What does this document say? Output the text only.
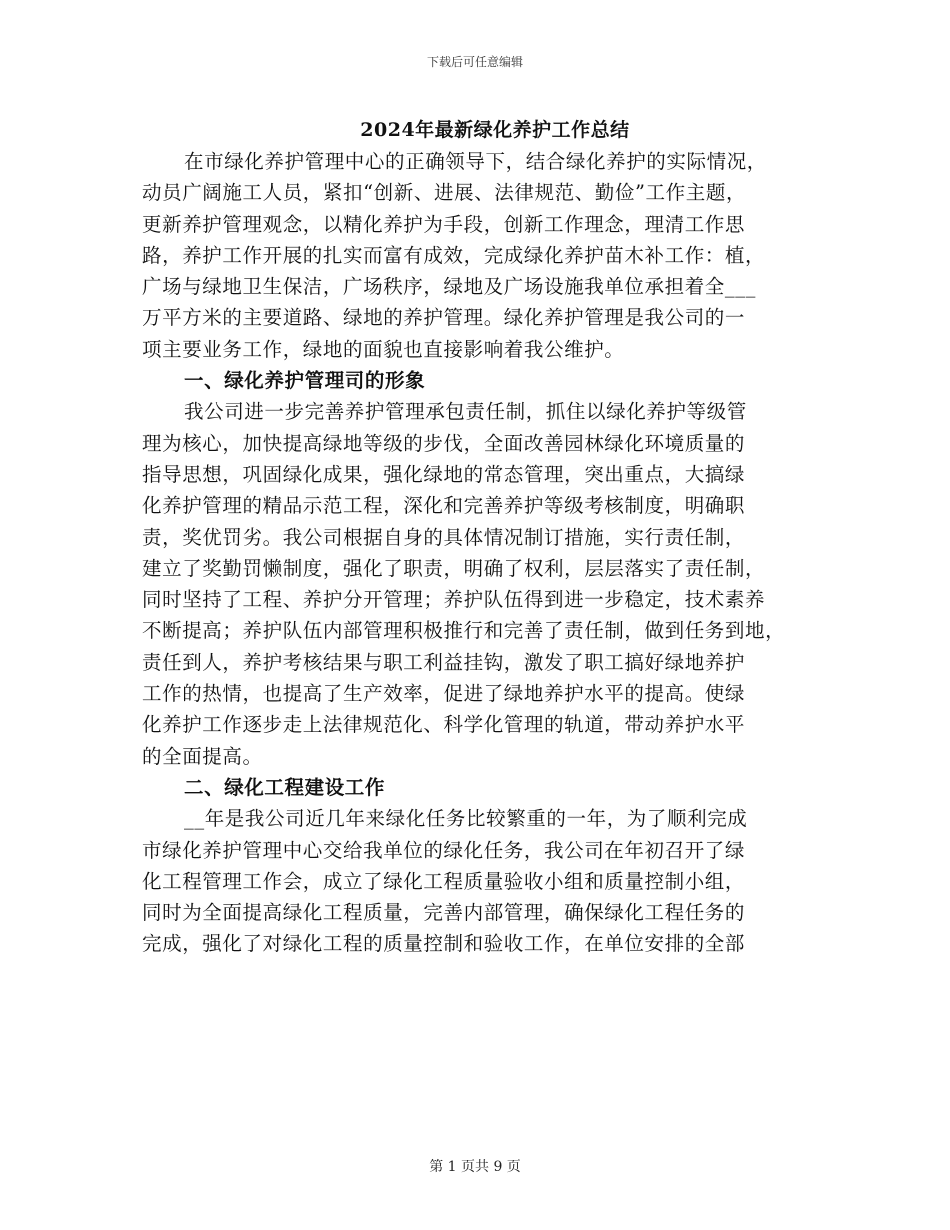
下载后可任意编辑
2024年最新绿化养护工作总结
在市绿化养护管理中心的正确领导下，结合绿化养护的实际情况，
动员广阔施工人员，紧扣“创新、进展、法律规范、勤俭”工作主题，
更新养护管理观念，以精化养护为手段，创新工作理念，理清工作思
路，养护工作开展的扎实而富有成效，完成绿化养护苗木补工作：植，
广场与绿地卫生保洁，广场秩序，绿地及广场设施我单位承担着全___
万平方米的主要道路、绿地的养护管理。绿化养护管理是我公司的一
项主要业务工作，绿地的面貌也直接影响着我公维护。
一、绿化养护管理司的形象
我公司进一步完善养护管理承包责任制，抓住以绿化养护等级管
理为核心，加快提高绿地等级的步伐，全面改善园林绿化环境质量的
指导思想，巩固绿化成果，强化绿地的常态管理，突出重点，大搞绿
化养护管理的精品示范工程，深化和完善养护等级考核制度，明确职
责，奖优罚劣。我公司根据自身的具体情况制订措施，实行责任制，
建立了奖勤罚懒制度，强化了职责，明确了权利，层层落实了责任制，
同时坚持了工程、养护分开管理；养护队伍得到进一步稳定，技术素养
不断提高；养护队伍内部管理积极推行和完善了责任制，做到任务到地，
责任到人，养护考核结果与职工利益挂钩，激发了职工搞好绿地养护
工作的热情，也提高了生产效率，促进了绿地养护水平的提高。使绿
化养护工作逐步走上法律规范化、科学化管理的轨道，带动养护水平
的全面提高。
二、绿化工程建设工作
__年是我公司近几年来绿化任务比较繁重的一年，为了顺利完成
市绿化养护管理中心交给我单位的绿化任务，我公司在年初召开了绿
化工程管理工作会，成立了绿化工程质量验收小组和质量控制小组，
同时为全面提高绿化工程质量，完善内部管理，确保绿化工程任务的
完成，强化了对绿化工程的质量控制和验收工作，在单位安排的全部
第 1 页共 9 页
